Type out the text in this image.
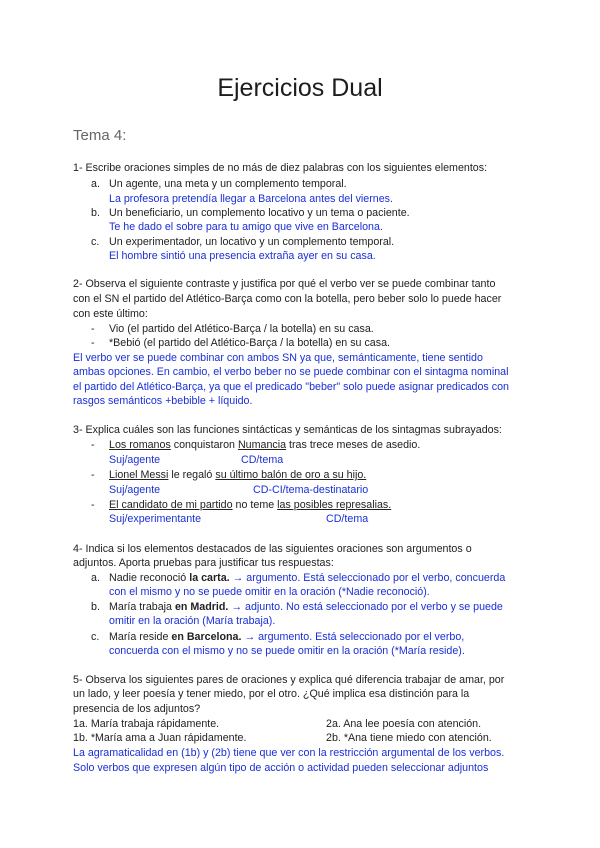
Ejercicios Dual
Tema 4:
1- Escribe oraciones simples de no más de diez palabras con los siguientes elementos:
a. Un agente, una meta y un complemento temporal.
La profesora pretendía llegar a Barcelona antes del viernes.
b. Un beneficiario, un complemento locativo y un tema o paciente.
Te he dado el sobre para tu amigo que vive en Barcelona.
c. Un experimentador, un locativo y un complemento temporal.
El hombre sintió una presencia extraña ayer en su casa.
2- Observa el siguiente contraste y justifica por qué el verbo ver se puede combinar tanto
con el SN el partido del Atlético-Barça como con la botella, pero beber solo lo puede hacer
con este último:
- Vio (el partido del Atlético-Barça / la botella) en su casa.
- *Bebió (el partido del Atlético-Barça / la botella) en su casa.
El verbo ver se puede combinar con ambos SN ya que, semánticamente, tiene sentido
ambas opciones. En cambio, el verbo beber no se puede combinar con el sintagma nominal
el partido del Atlético-Barça, ya que el predicado "beber" solo puede asignar predicados con
rasgos semánticos +bebible + líquido.
3- Explica cuáles son las funciones sintácticas y semánticas de los sintagmas subrayados:
- Los romanos conquistaron Numancia tras trece meses de asedio.
Suj/agente	CD/tema
- Lionel Messi le regaló su último balón de oro a su hijo.
Suj/agente	CD-CI/tema-destinatario
- El candidato de mi partido no teme las posibles represalias.
Suj/experimentante	CD/tema
4- Indica si los elementos destacados de las siguientes oraciones son argumentos o
adjuntos. Aporta pruebas para justificar tus respuestas:
a. Nadie reconoció la carta. → argumento. Está seleccionado por el verbo, concuerda
con el mismo y no se puede omitir en la oración (*Nadie reconoció).
b. María trabaja en Madrid. → adjunto. No está seleccionado por el verbo y se puede
omitir en la oración (María trabaja).
c. María reside en Barcelona. → argumento. Está seleccionado por el verbo,
concuerda con el mismo y no se puede omitir en la oración (*María reside).
5- Observa los siguientes pares de oraciones y explica qué diferencia trabajar de amar, por
un lado, y leer poesía y tener miedo, por el otro. ¿Qué implica esa distinción para la
presencia de los adjuntos?
1a. María trabaja rápidamente.	2a. Ana lee poesía con atención.
1b. *María ama a Juan rápidamente.	2b. *Ana tiene miedo con atención.
La agramaticalidad en (1b) y (2b) tiene que ver con la restricción argumental de los verbos.
Solo verbos que expresen algún tipo de acción o actividad pueden seleccionar adjuntos
